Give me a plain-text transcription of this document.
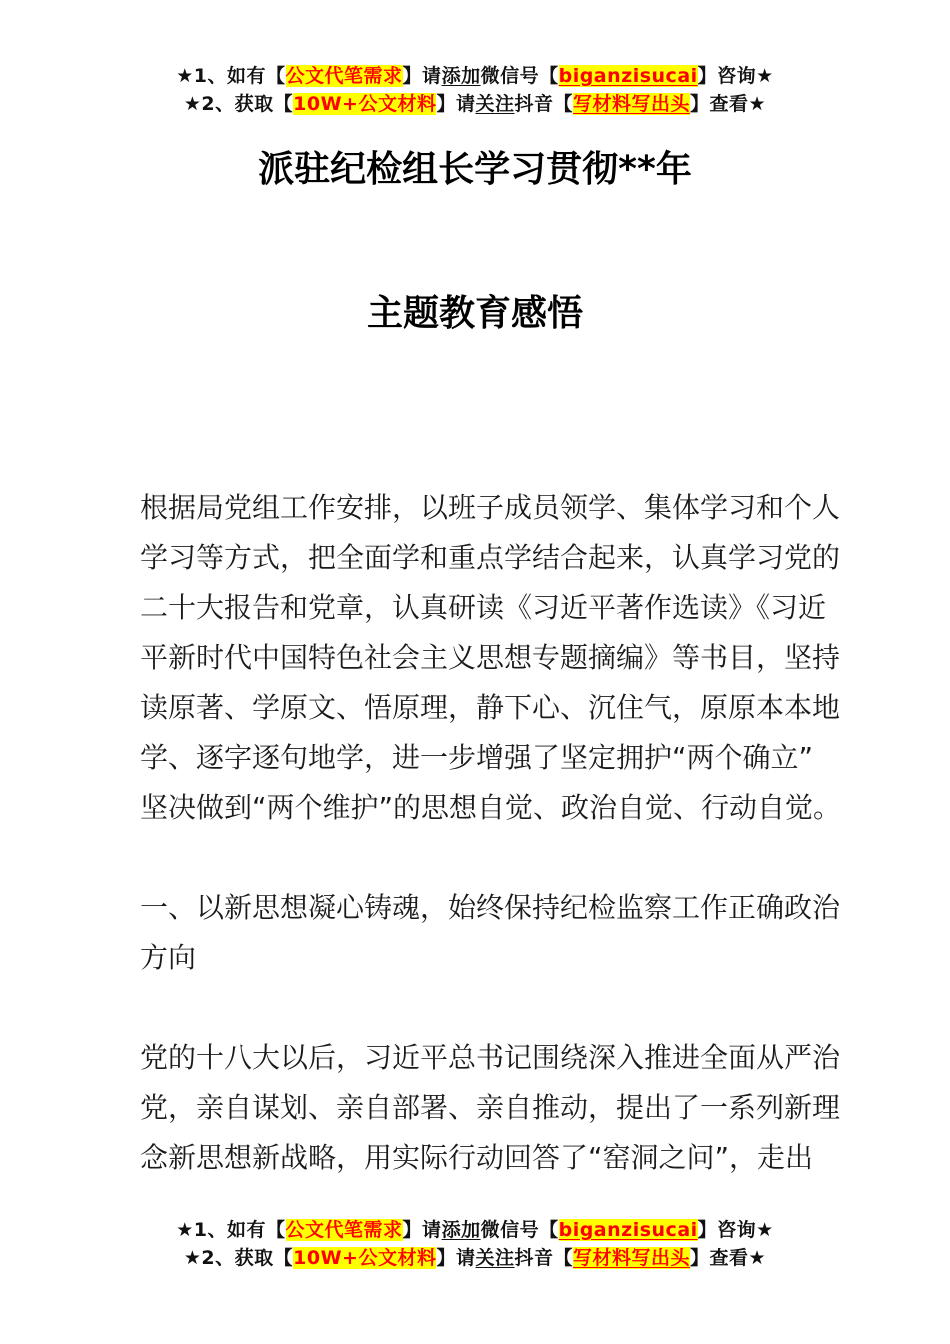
★1、如有【公文代笔需求】请添加微信号【biganzisucai】咨询★
★2、获取【10W+公文材料】请关注抖音【写材料写出头】查看★
派驻纪检组长学习贯彻**年
主题教育感悟
根据局党组工作安排，以班子成员领学、集体学习和个人
学习等方式，把全面学和重点学结合起来，认真学习党的
二十大报告和党章，认真研读《习近平著作选读》《习近
平新时代中国特色社会主义思想专题摘编》等书目，坚持
读原著、学原文、悟原理，静下心、沉住气，原原本本地
学、逐字逐句地学，进一步增强了坚定拥护“两个确立”
坚决做到“两个维护”的思想自觉、政治自觉、行动自觉。
一、以新思想凝心铸魂，始终保持纪检监察工作正确政治
方向
党的十八大以后，习近平总书记围绕深入推进全面从严治
党，亲自谋划、亲自部署、亲自推动，提出了一系列新理
念新思想新战略，用实际行动回答了“窑洞之问”，走出
★1、如有【公文代笔需求】请添加微信号【biganzisucai】咨询★
★2、获取【10W+公文材料】请关注抖音【写材料写出头】查看★
